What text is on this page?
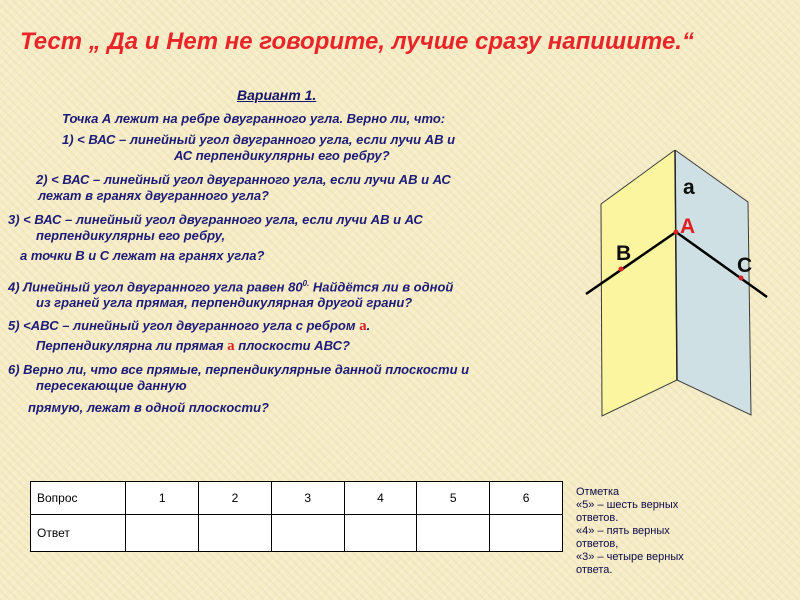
Тест „ Да и Нет не говорите, лучше сразу напишите.“
Вариант 1.
Точка А лежит на ребре двугранного угла. Верно ли, что:
1) < ВАС – линейный угол двугранного угла, если лучи АВ и
АС перпендикулярны его ребру?
2) < ВАС – линейный угол двугранного угла, если лучи АВ и АС
лежат в гранях двугранного угла?
3) < ВАС – линейный угол двугранного угла, если лучи АВ и АС
перпендикулярны его ребру,
а точки В и С лежат на гранях угла?
4) Линейный угол двугранного угла равен $80^{0.}$ Найдётся ли в одной
из граней угла прямая, перпендикулярная другой грани?
5) <АВС – линейный угол двугранного угла с ребром а.
Перпендикулярна ли прямая а плоскости АВС?
6) Верно ли, что все прямые, перпендикулярные данной плоскости и
пересекающие данную
прямую, лежат в одной плоскости?
a
A
B
C
Вопрос	1	2	3	4	5	6
Ответ						
Отметка
«5» – шесть верных
ответов.
«4» – пять верных
ответов,
«3» – четыре верных
ответа.
